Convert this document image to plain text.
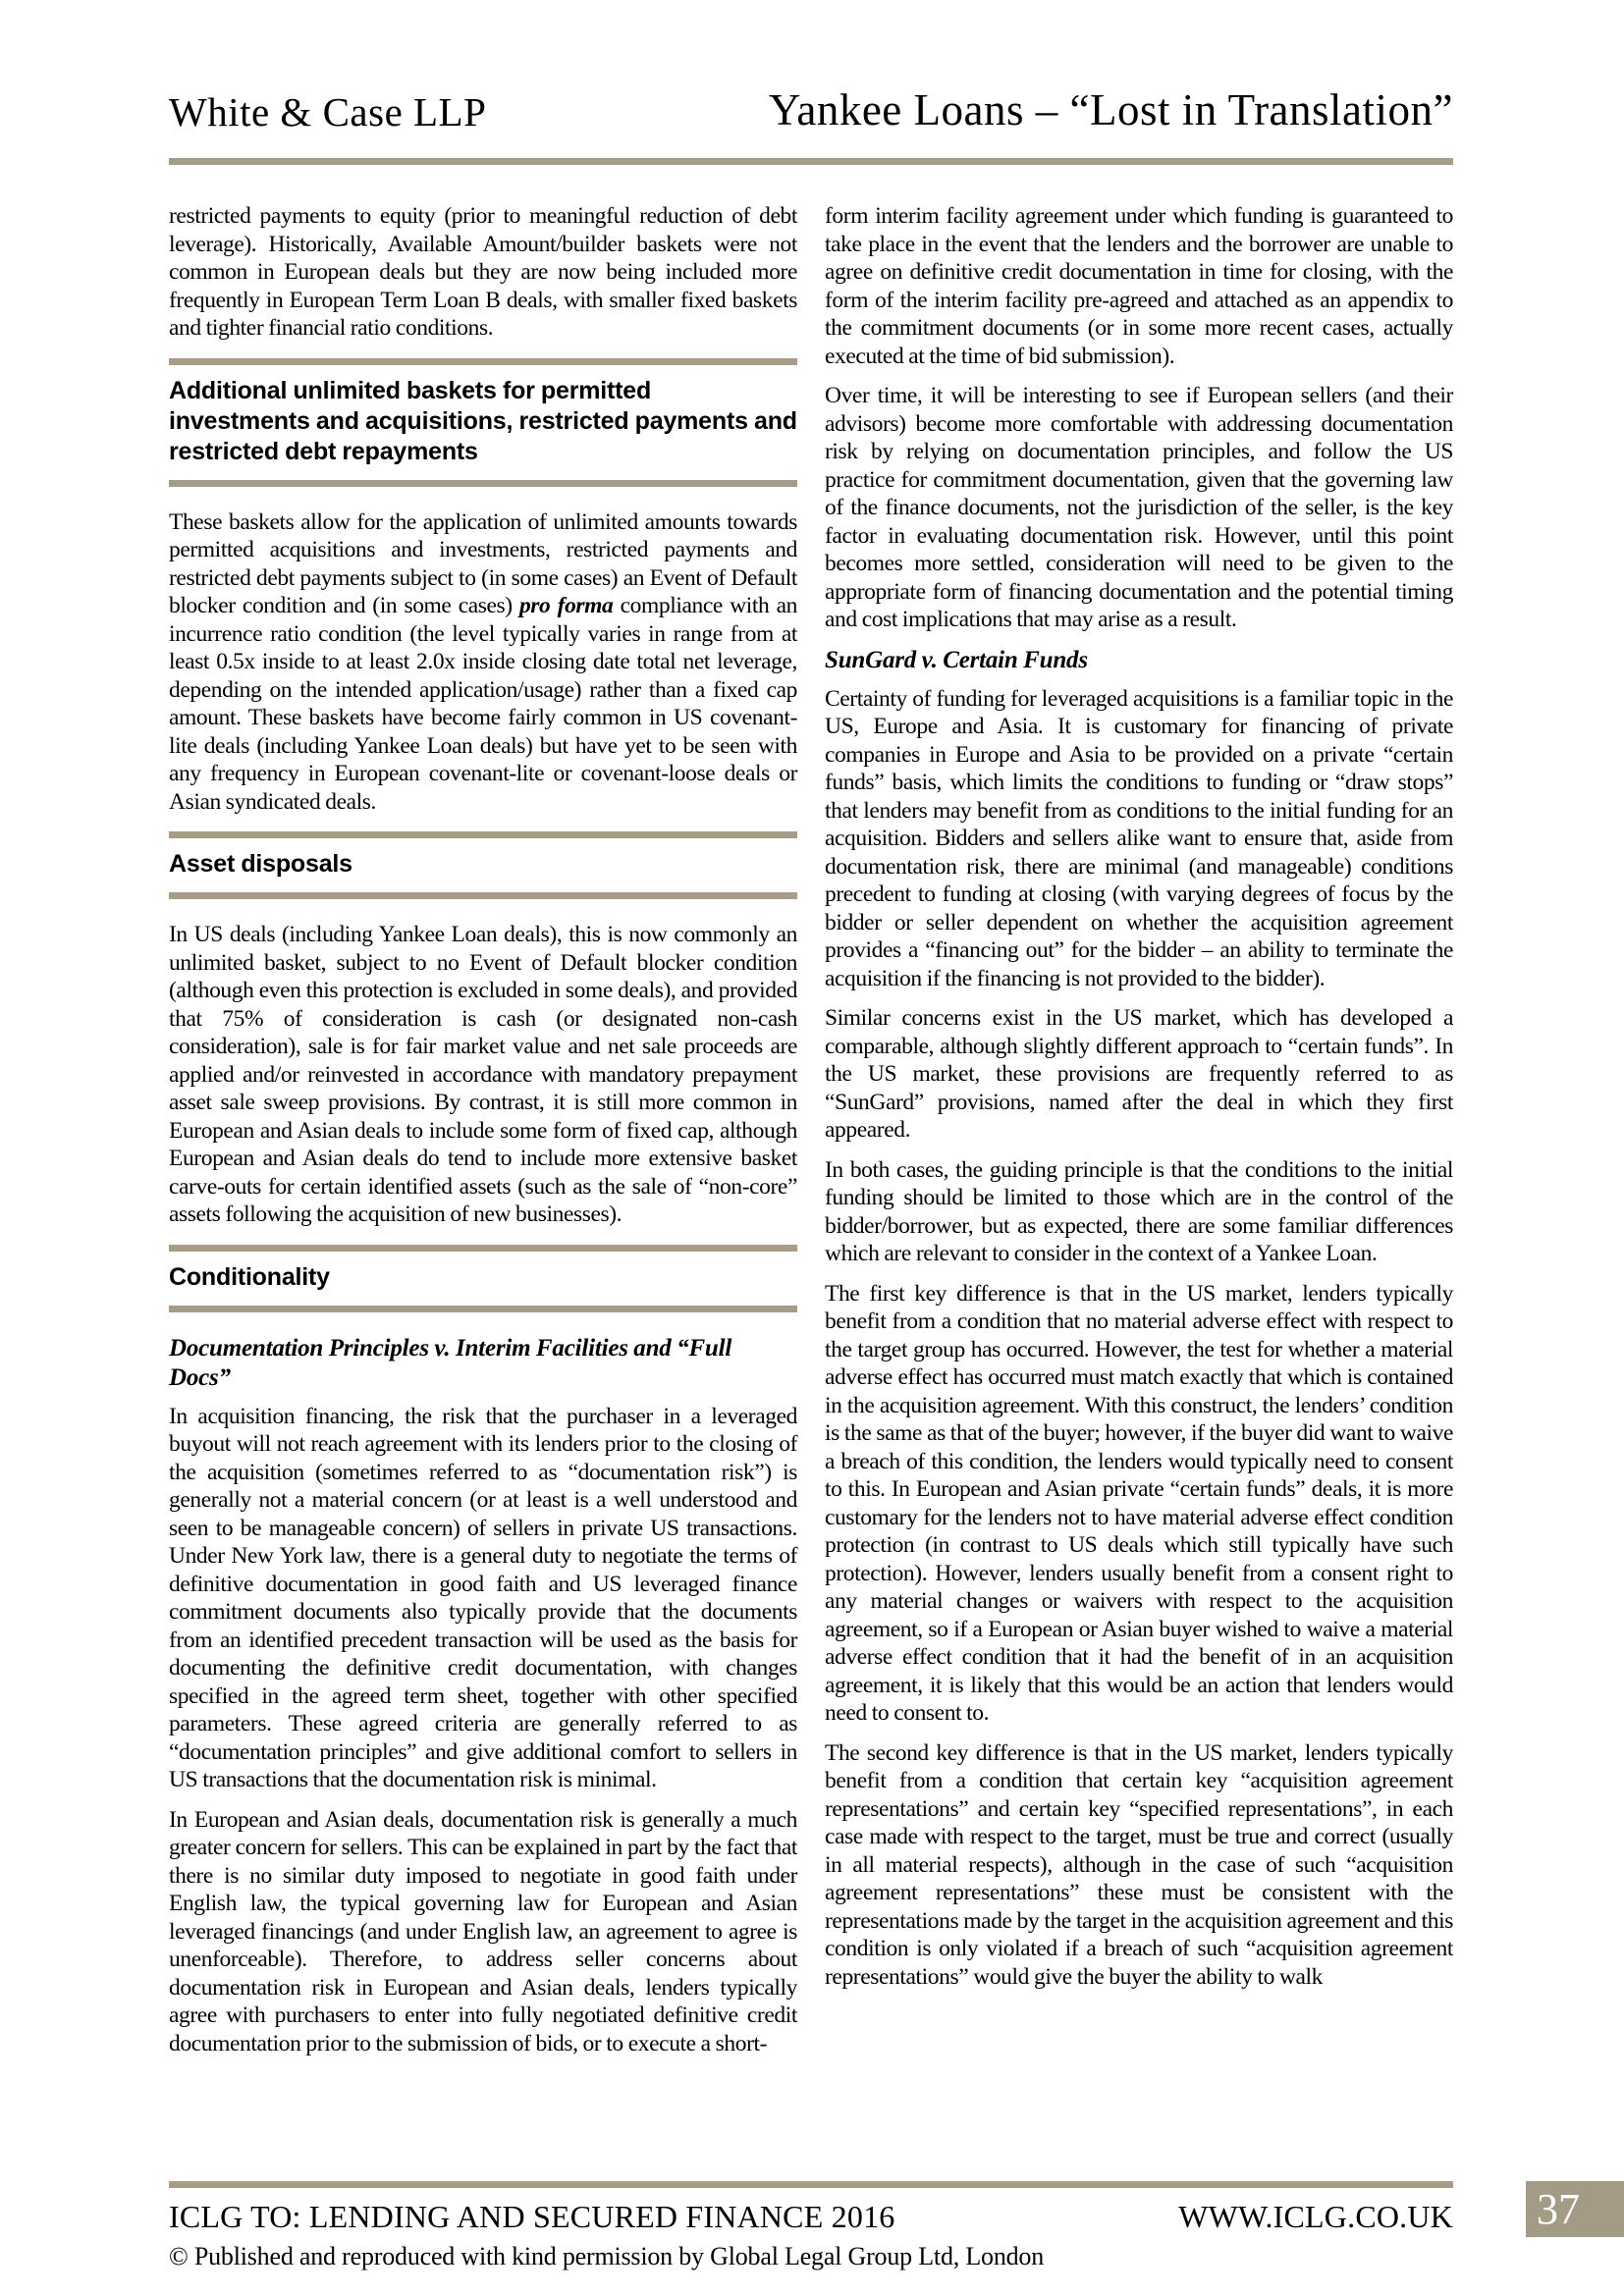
White & Case LLP	Yankee Loans – “Lost in Translation”

restricted payments to equity (prior to meaningful reduction of debt leverage). Historically, Available Amount/builder baskets were not common in European deals but they are now being included more frequently in European Term Loan B deals, with smaller fixed baskets and tighter financial ratio conditions.

Additional unlimited baskets for permitted investments and acquisitions, restricted payments and restricted debt repayments

These baskets allow for the application of unlimited amounts towards permitted acquisitions and investments, restricted payments and restricted debt payments subject to (in some cases) an Event of Default blocker condition and (in some cases) pro forma compliance with an incurrence ratio condition (the level typically varies in range from at least 0.5x inside to at least 2.0x inside closing date total net leverage, depending on the intended application/usage) rather than a fixed cap amount. These baskets have become fairly common in US covenant-lite deals (including Yankee Loan deals) but have yet to be seen with any frequency in European covenant-lite or covenant-loose deals or Asian syndicated deals.

Asset disposals

In US deals (including Yankee Loan deals), this is now commonly an unlimited basket, subject to no Event of Default blocker condition (although even this protection is excluded in some deals), and provided that 75% of consideration is cash (or designated non-cash consideration), sale is for fair market value and net sale proceeds are applied and/or reinvested in accordance with mandatory prepayment asset sale sweep provisions. By contrast, it is still more common in European and Asian deals to include some form of fixed cap, although European and Asian deals do tend to include more extensive basket carve-outs for certain identified assets (such as the sale of “non-core” assets following the acquisition of new businesses).

Conditionality
Documentation Principles v. Interim Facilities and “Full Docs”

In acquisition financing, the risk that the purchaser in a leveraged buyout will not reach agreement with its lenders prior to the closing of the acquisition (sometimes referred to as “documentation risk”) is generally not a material concern (or at least is a well understood and seen to be manageable concern) of sellers in private US transactions. Under New York law, there is a general duty to negotiate the terms of definitive documentation in good faith and US leveraged finance commitment documents also typically provide that the documents from an identified precedent transaction will be used as the basis for documenting the definitive credit documentation, with changes specified in the agreed term sheet, together with other specified parameters. These agreed criteria are generally referred to as “documentation principles” and give additional comfort to sellers in US transactions that the documentation risk is minimal.

In European and Asian deals, documentation risk is generally a much greater concern for sellers. This can be explained in part by the fact that there is no similar duty imposed to negotiate in good faith under English law, the typical governing law for European and Asian leveraged financings (and under English law, an agreement to agree is unenforceable). Therefore, to address seller concerns about documentation risk in European and Asian deals, lenders typically agree with purchasers to enter into fully negotiated definitive credit documentation prior to the submission of bids, or to execute a short-

form interim facility agreement under which funding is guaranteed to take place in the event that the lenders and the borrower are unable to agree on definitive credit documentation in time for closing, with the form of the interim facility pre-agreed and attached as an appendix to the commitment documents (or in some more recent cases, actually executed at the time of bid submission).

Over time, it will be interesting to see if European sellers (and their advisors) become more comfortable with addressing documentation risk by relying on documentation principles, and follow the US practice for commitment documentation, given that the governing law of the finance documents, not the jurisdiction of the seller, is the key factor in evaluating documentation risk. However, until this point becomes more settled, consideration will need to be given to the appropriate form of financing documentation and the potential timing and cost implications that may arise as a result.

SunGard v. Certain Funds

Certainty of funding for leveraged acquisitions is a familiar topic in the US, Europe and Asia. It is customary for financing of private companies in Europe and Asia to be provided on a private “certain funds” basis, which limits the conditions to funding or “draw stops” that lenders may benefit from as conditions to the initial funding for an acquisition. Bidders and sellers alike want to ensure that, aside from documentation risk, there are minimal (and manageable) conditions precedent to funding at closing (with varying degrees of focus by the bidder or seller dependent on whether the acquisition agreement provides a “financing out” for the bidder – an ability to terminate the acquisition if the financing is not provided to the bidder).

Similar concerns exist in the US market, which has developed a comparable, although slightly different approach to “certain funds”. In the US market, these provisions are frequently referred to as “SunGard” provisions, named after the deal in which they first appeared.

In both cases, the guiding principle is that the conditions to the initial funding should be limited to those which are in the control of the bidder/borrower, but as expected, there are some familiar differences which are relevant to consider in the context of a Yankee Loan.

The first key difference is that in the US market, lenders typically benefit from a condition that no material adverse effect with respect to the target group has occurred. However, the test for whether a material adverse effect has occurred must match exactly that which is contained in the acquisition agreement. With this construct, the lenders’ condition is the same as that of the buyer; however, if the buyer did want to waive a breach of this condition, the lenders would typically need to consent to this. In European and Asian private “certain funds” deals, it is more customary for the lenders not to have material adverse effect condition protection (in contrast to US deals which still typically have such protection). However, lenders usually benefit from a consent right to any material changes or waivers with respect to the acquisition agreement, so if a European or Asian buyer wished to waive a material adverse effect condition that it had the benefit of in an acquisition agreement, it is likely that this would be an action that lenders would need to consent to.

The second key difference is that in the US market, lenders typically benefit from a condition that certain key “acquisition agreement representations” and certain key “specified representations”, in each case made with respect to the target, must be true and correct (usually in all material respects), although in the case of such “acquisition agreement representations” these must be consistent with the representations made by the target in the acquisition agreement and this condition is only violated if a breach of such “acquisition agreement representations” would give the buyer the ability to walk

ICLG TO: LENDING AND SECURED FINANCE 2016	WWW.ICLG.CO.UK
© Published and reproduced with kind permission by Global Legal Group Ltd, London
37
